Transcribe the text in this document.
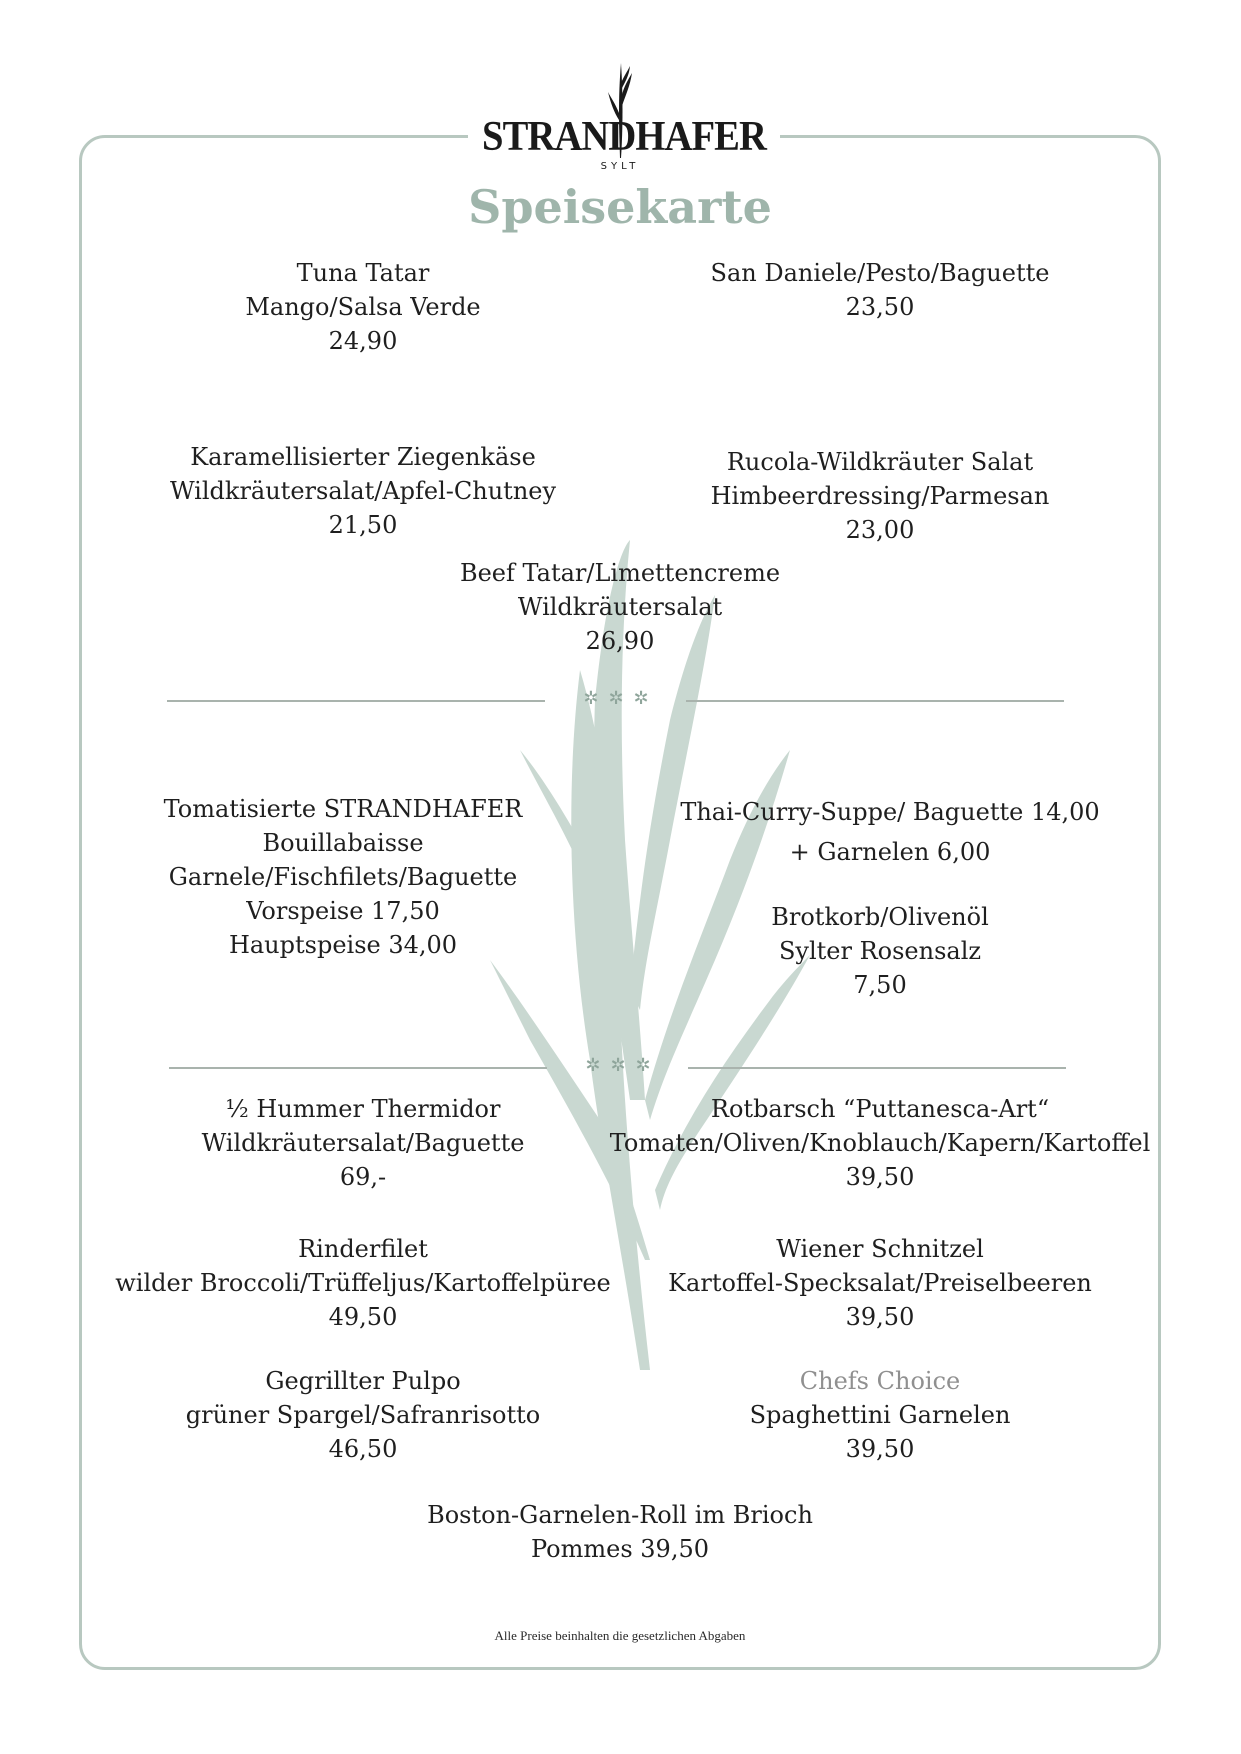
STRANDHAFER
SYLT
Speisekarte
Tuna Tatar
Mango/Salsa Verde
24,90
San Daniele/Pesto/Baguette
23,50
Karamellisierter Ziegenkäse
Wildkräutersalat/Apfel-Chutney
21,50
Rucola-Wildkräuter Salat
Himbeerdressing/Parmesan
23,00
Beef Tatar/Limettencreme
Wildkräutersalat
26,90
✲✲✲
Tomatisierte STRANDHAFER
Bouillabaisse
Garnele/Fischfilets/Baguette
Vorspeise 17,50
Hauptspeise 34,00
Thai-Curry-Suppe/ Baguette 14,00
+ Garnelen 6,00
Brotkorb/Olivenöl
Sylter Rosensalz
7,50
✲✲✲
½ Hummer Thermidor
Wildkräutersalat/Baguette
69,-
Rotbarsch “Puttanesca-Art“
Tomaten/Oliven/Knoblauch/Kapern/Kartoffel
39,50
Rinderfilet
wilder Broccoli/Trüffeljus/Kartoffelpüree
49,50
Wiener Schnitzel
Kartoffel-Specksalat/Preiselbeeren
39,50
Gegrillter Pulpo
grüner Spargel/Safranrisotto
46,50
Chefs Choice
Spaghettini Garnelen
39,50
Boston-Garnelen-Roll im Brioch
Pommes 39,50
Alle Preise beinhalten die gesetzlichen Abgaben
